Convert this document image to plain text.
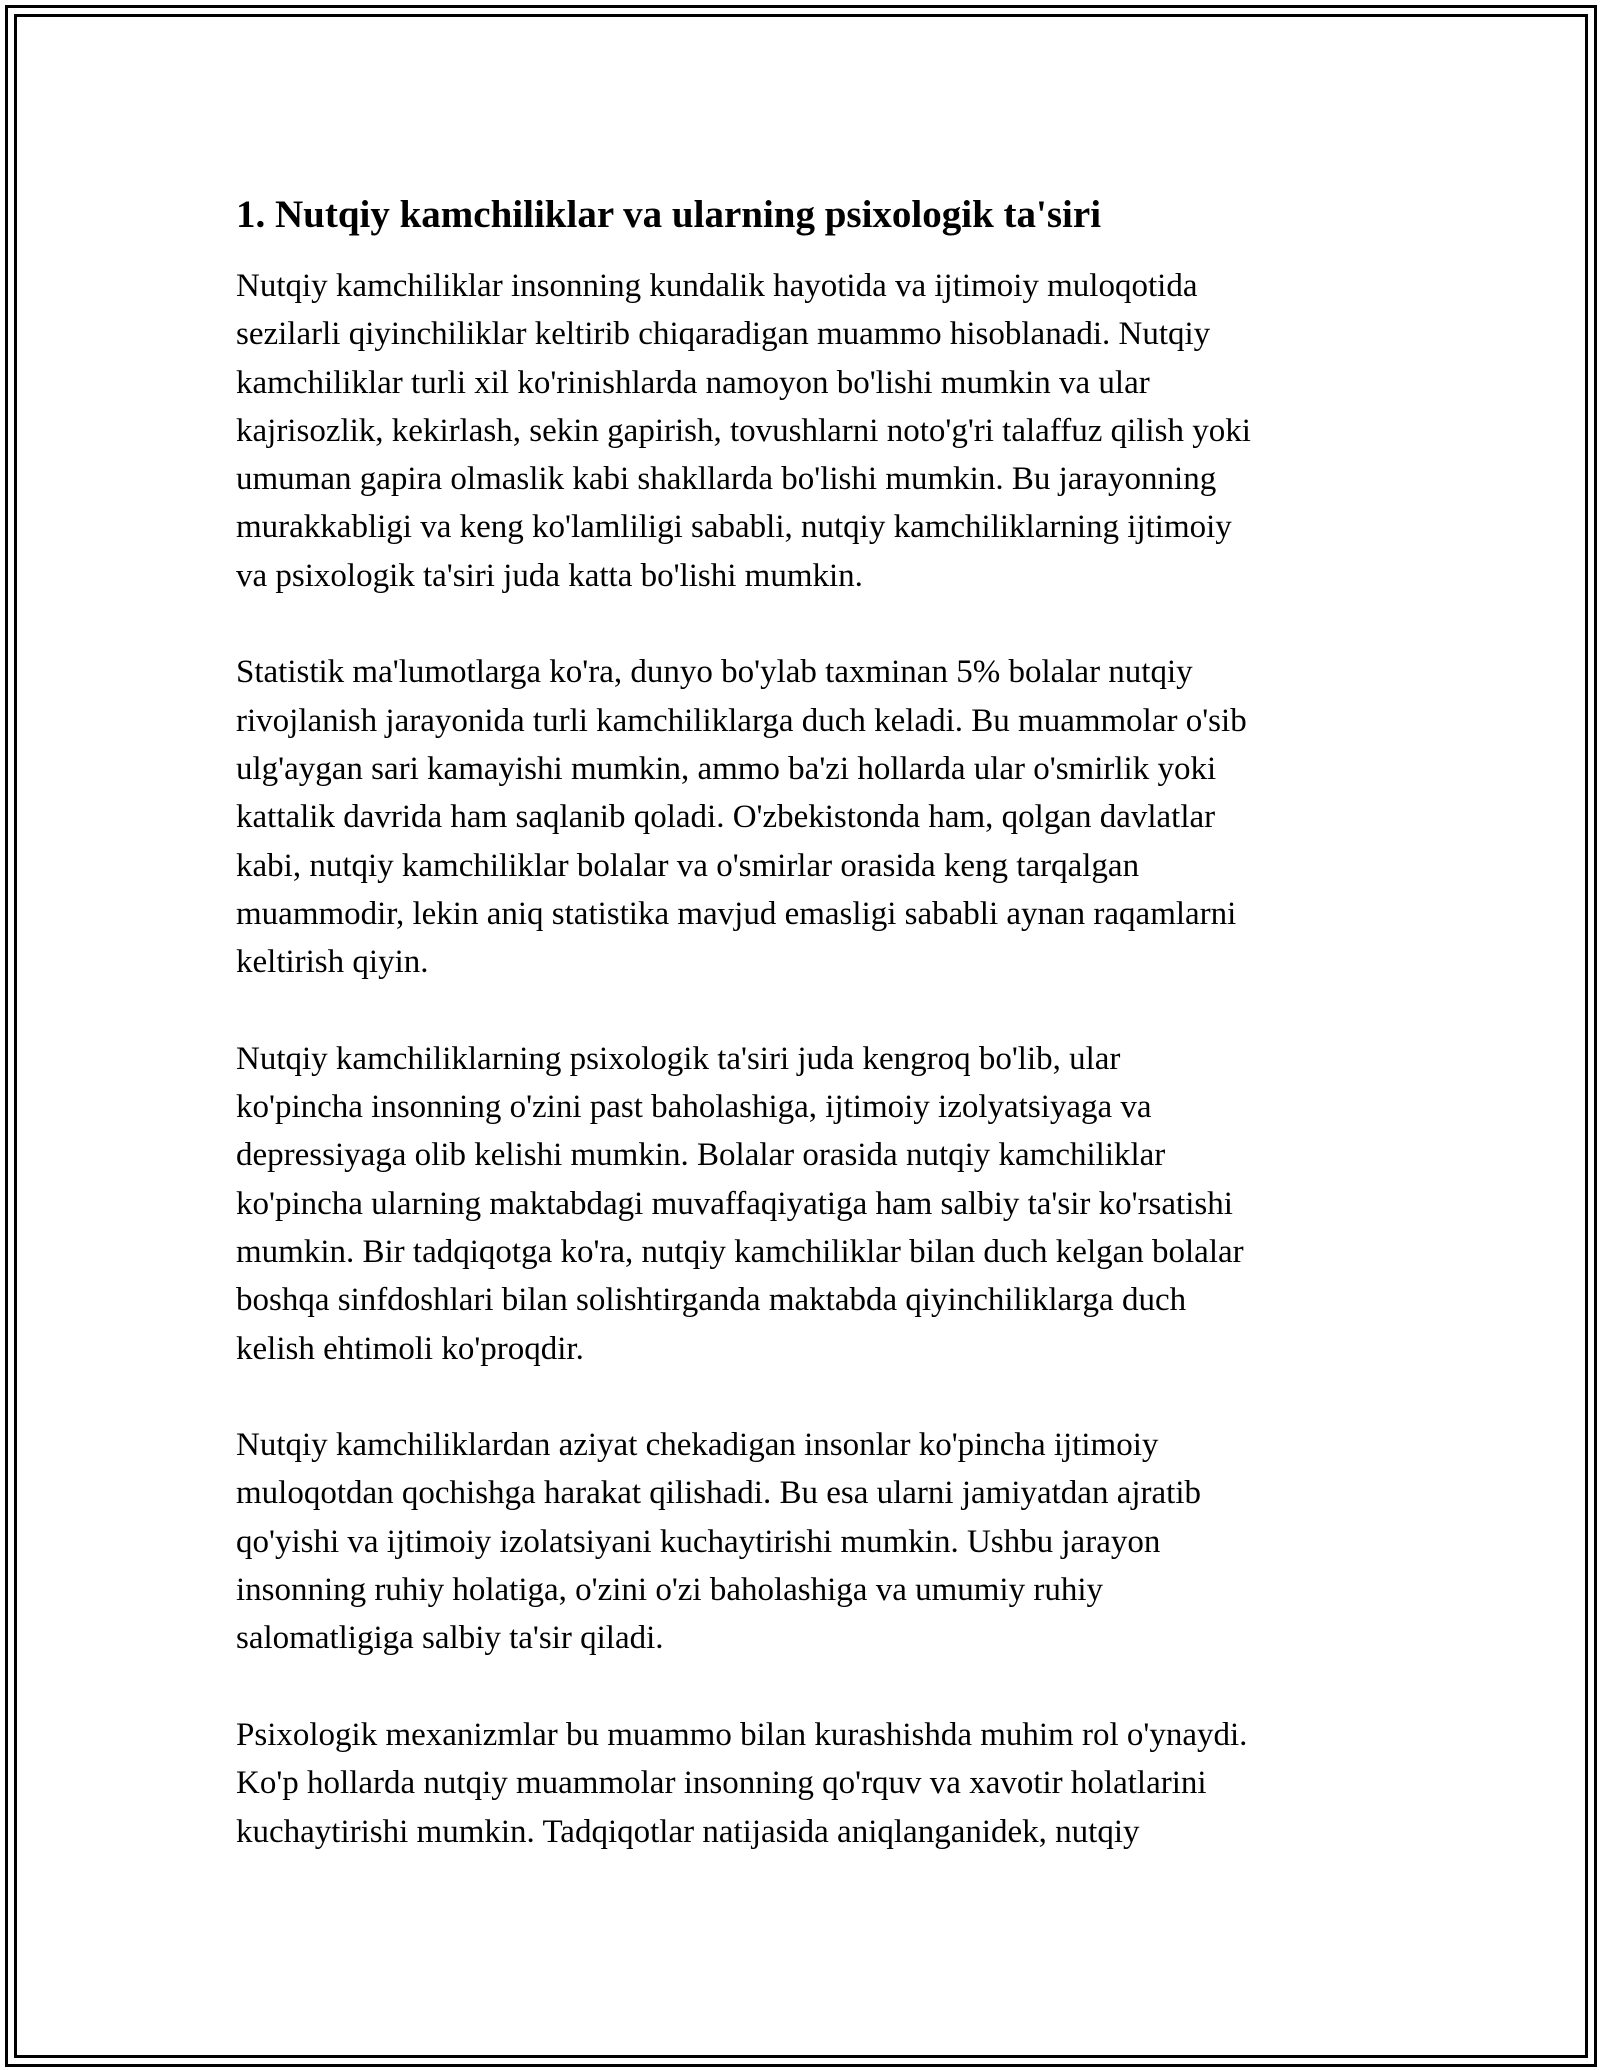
1. Nutqiy kamchiliklar va ularning psixologik ta'siri

Nutqiy kamchiliklar insonning kundalik hayotida va ijtimoiy muloqotida
sezilarli qiyinchiliklar keltirib chiqaradigan muammo hisoblanadi. Nutqiy
kamchiliklar turli xil ko'rinishlarda namoyon bo'lishi mumkin va ular
kajrisozlik, kekirlash, sekin gapirish, tovushlarni noto'g'ri talaffuz qilish yoki
umuman gapira olmaslik kabi shakllarda bo'lishi mumkin. Bu jarayonning
murakkabligi va keng ko'lamliligi sababli, nutqiy kamchiliklarning ijtimoiy
va psixologik ta'siri juda katta bo'lishi mumkin.

Statistik ma'lumotlarga ko'ra, dunyo bo'ylab taxminan 5% bolalar nutqiy
rivojlanish jarayonida turli kamchiliklarga duch keladi. Bu muammolar o'sib
ulg'aygan sari kamayishi mumkin, ammo ba'zi hollarda ular o'smirlik yoki
kattalik davrida ham saqlanib qoladi. O'zbekistonda ham, qolgan davlatlar
kabi, nutqiy kamchiliklar bolalar va o'smirlar orasida keng tarqalgan
muammodir, lekin aniq statistika mavjud emasligi sababli aynan raqamlarni
keltirish qiyin.

Nutqiy kamchiliklarning psixologik ta'siri juda kengroq bo'lib, ular
ko'pincha insonning o'zini past baholashiga, ijtimoiy izolyatsiyaga va
depressiyaga olib kelishi mumkin. Bolalar orasida nutqiy kamchiliklar
ko'pincha ularning maktabdagi muvaffaqiyatiga ham salbiy ta'sir ko'rsatishi
mumkin. Bir tadqiqotga ko'ra, nutqiy kamchiliklar bilan duch kelgan bolalar
boshqa sinfdoshlari bilan solishtirganda maktabda qiyinchiliklarga duch
kelish ehtimoli ko'proqdir.

Nutqiy kamchiliklardan aziyat chekadigan insonlar ko'pincha ijtimoiy
muloqotdan qochishga harakat qilishadi. Bu esa ularni jamiyatdan ajratib
qo'yishi va ijtimoiy izolatsiyani kuchaytirishi mumkin. Ushbu jarayon
insonning ruhiy holatiga, o'zini o'zi baholashiga va umumiy ruhiy
salomatligiga salbiy ta'sir qiladi.

Psixologik mexanizmlar bu muammo bilan kurashishda muhim rol o'ynaydi.
Ko'p hollarda nutqiy muammolar insonning qo'rquv va xavotir holatlarini
kuchaytirishi mumkin. Tadqiqotlar natijasida aniqlanganidek, nutqiy
